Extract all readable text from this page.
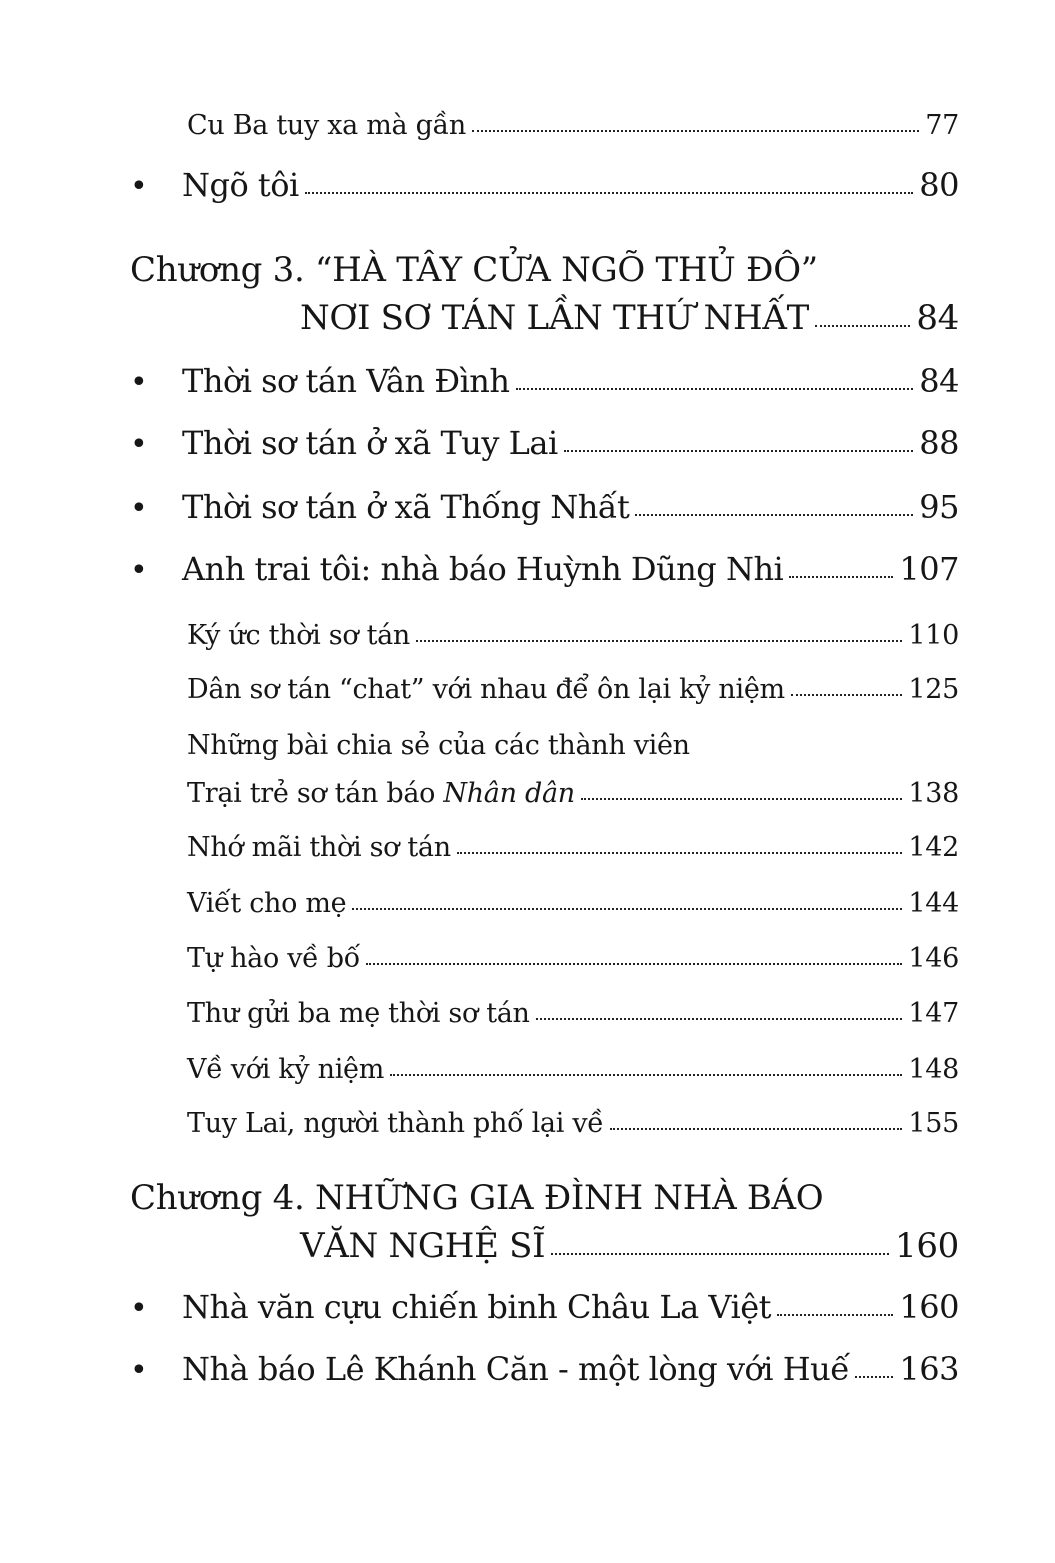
Cu Ba tuy xa mà gần	77
•	Ngõ tôi	80
Chương 3. “HÀ TÂY CỬA NGÕ THỦ ĐÔ”
NƠI SƠ TÁN LẦN THỨ NHẤT	84
•	Thời sơ tán Vân Đình	84
•	Thời sơ tán ở xã Tuy Lai	88
•	Thời sơ tán ở xã Thống Nhất	95
•	Anh trai tôi: nhà báo Huỳnh Dũng Nhi	107
Ký ức thời sơ tán	110
Dân sơ tán “chat” với nhau để ôn lại kỷ niệm	125
Những bài chia sẻ của các thành viên
Trại trẻ sơ tán báo Nhân dân	138
Nhớ mãi thời sơ tán	142
Viết cho mẹ	144
Tự hào về bố	146
Thư gửi ba mẹ thời sơ tán	147
Về với kỷ niệm	148
Tuy Lai, người thành phố lại về	155
Chương 4. NHỮNG GIA ĐÌNH NHÀ BÁO
VĂN NGHỆ SĨ	160
•	Nhà văn cựu chiến binh Châu La Việt	160
•	Nhà báo Lê Khánh Căn - một lòng với Huế 163
